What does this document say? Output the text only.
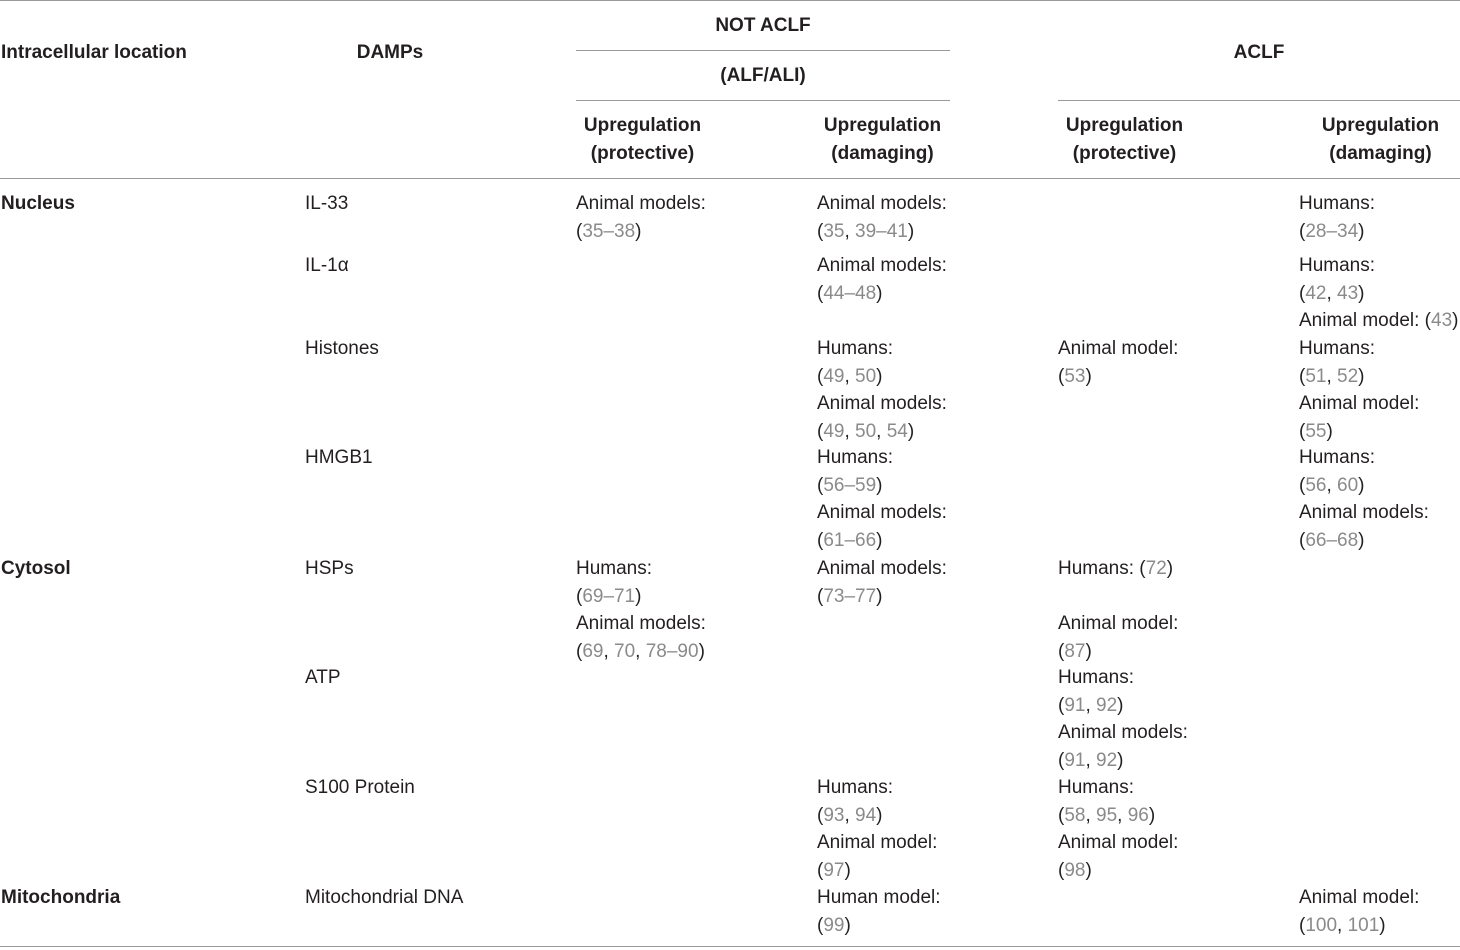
Intracellular location	DAMPs
NOT ACLF
(ALF/ALI)
ACLF
Upregulation
(protective)
Upregulation
(damaging)
Upregulation
(protective)
Upregulation
(damaging)
Nucleus
Cytosol
Mitochondria
IL-33
IL-1α
Histones
HMGB1
HSPs
ATP
S100 Protein
Mitochondrial DNA
Animal models:
(35–38)
Animal models:
(35, 39–41)
Humans:
(28–34)
Animal models:
(44–48)
Humans:
(42, 43)
Animal model: (43)
Humans:
(49, 50)
Animal models:
(49, 50, 54)
Animal model:
(53)
Humans:
(51, 52)
Animal model:
(55)
Humans:
(56–59)
Animal models:
(61–66)
Humans:
(56, 60)
Animal models:
(66–68)
Humans:
(69–71)
Animal models:
(69, 70, 78–90)
Animal models:
(73–77)
Humans: (72)
Animal model:
(87)
Humans:
(91, 92)
Animal models:
(91, 92)
Humans:
(93, 94)
Animal model:
(97)
Humans:
(58, 95, 96)
Animal model:
(98)
Human model:
(99)
Animal model:
(100, 101)
